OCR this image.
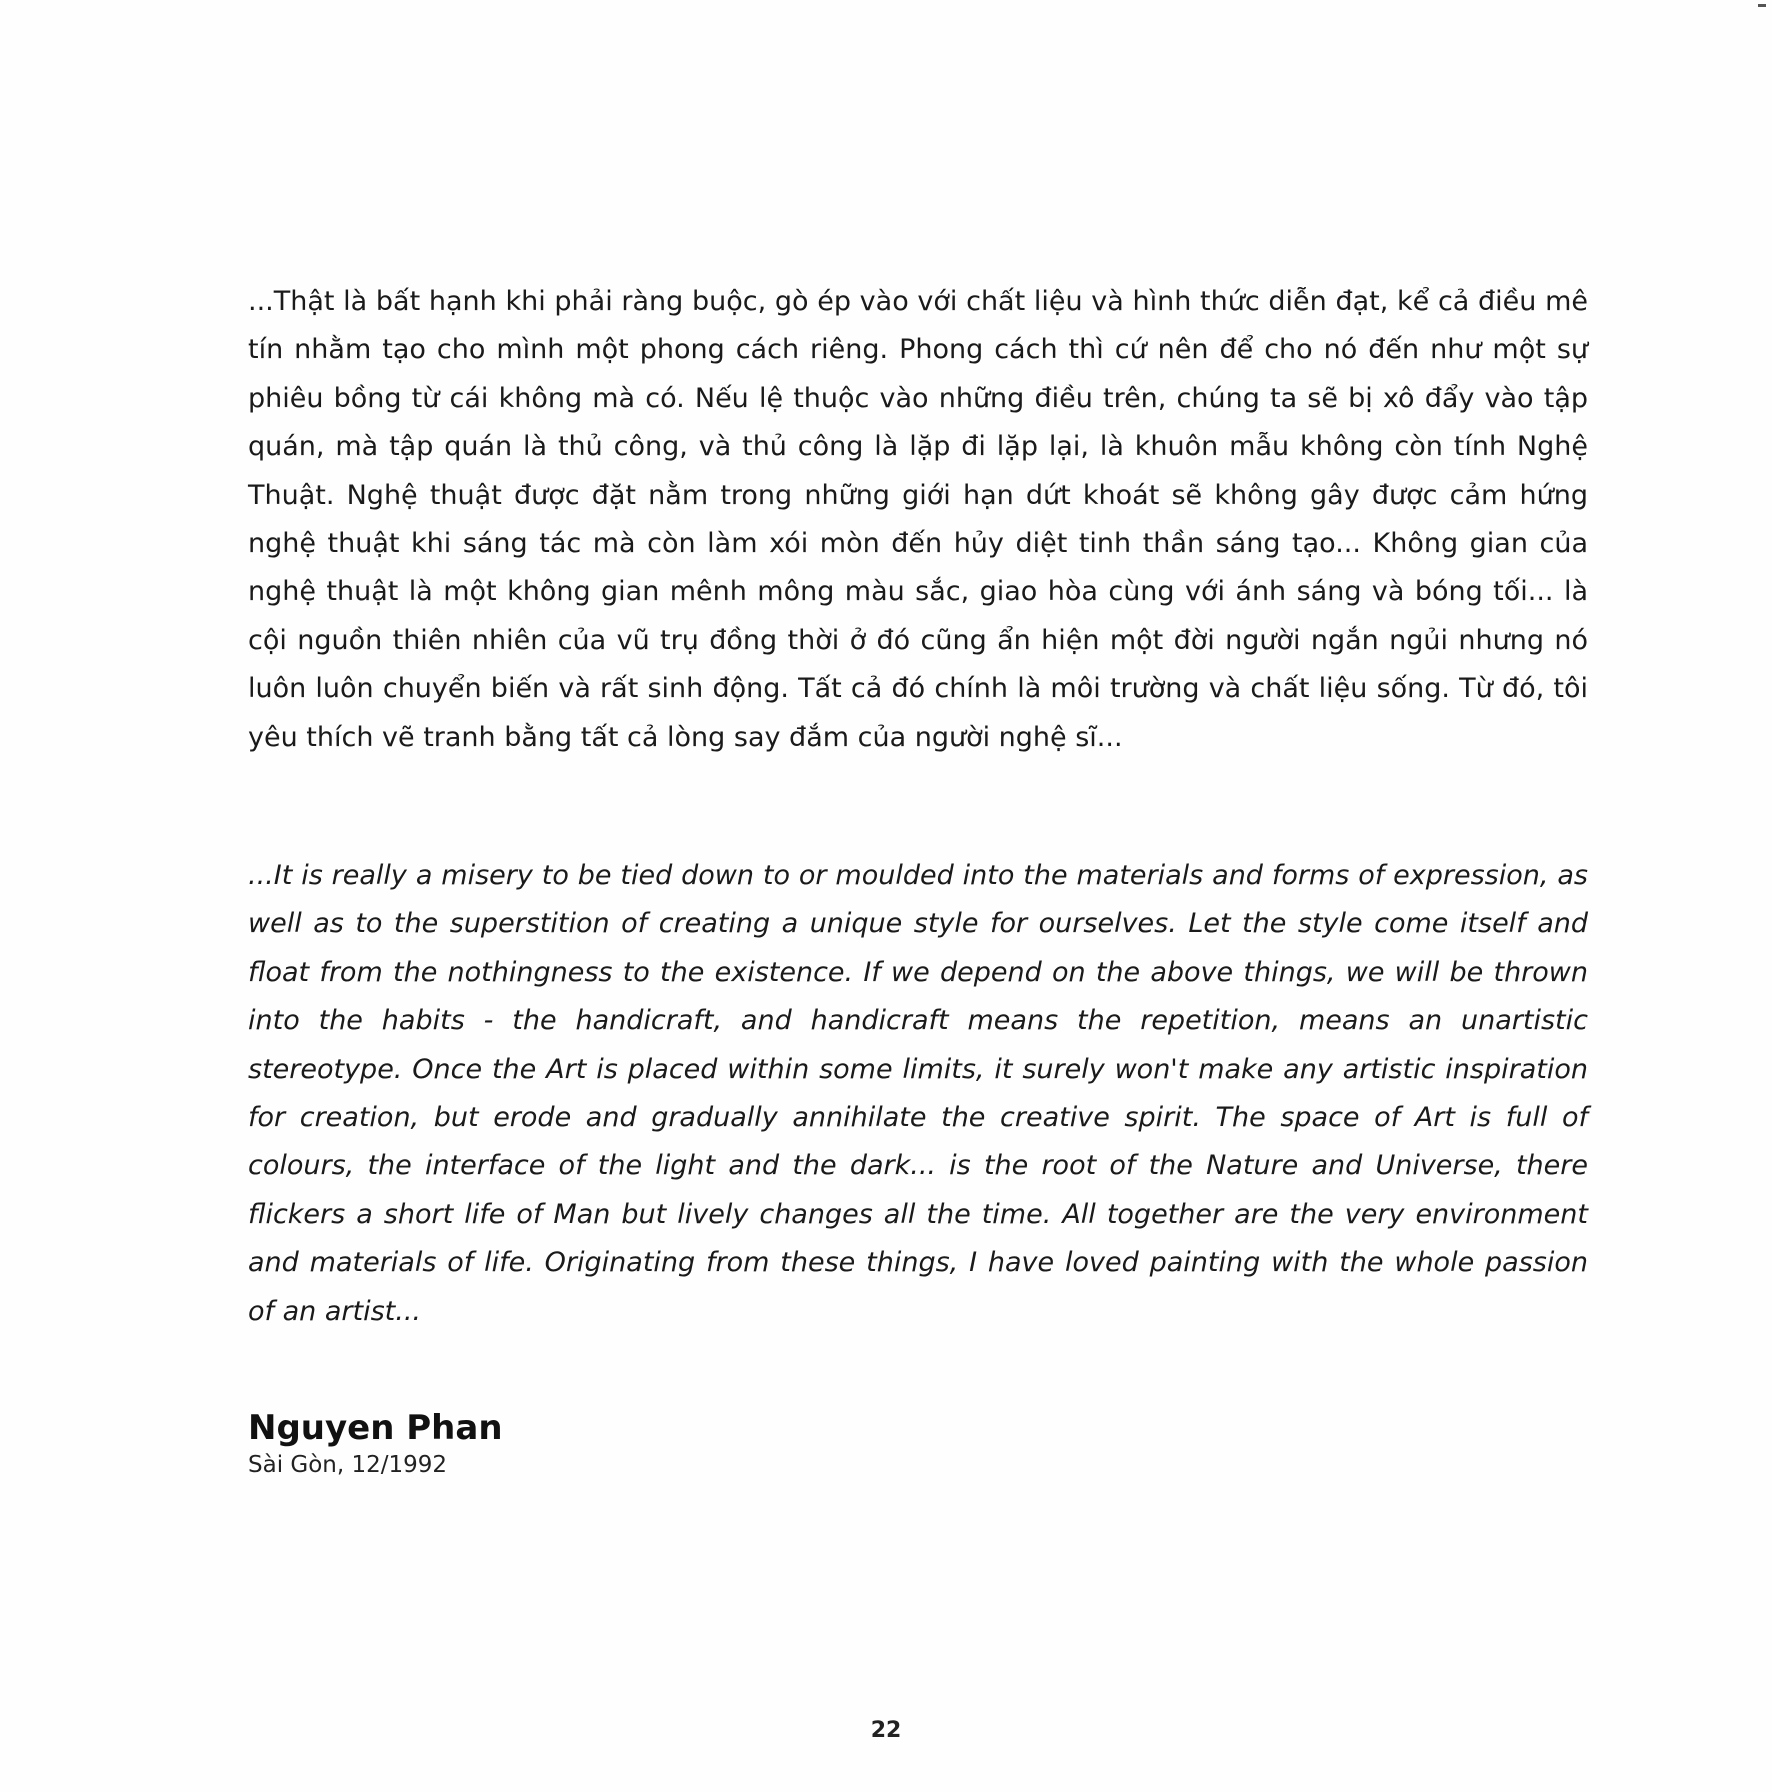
...Thật là bất hạnh khi phải ràng buộc, gò ép vào với chất liệu và hình thức diễn đạt, kể cả điều mê tín nhằm tạo cho mình một phong cách riêng. Phong cách thì cứ nên để cho nó đến như một sự phiêu bồng từ cái không mà có. Nếu lệ thuộc vào những điều trên, chúng ta sẽ bị xô đẩy vào tập quán, mà tập quán là thủ công, và thủ công là lặp đi lặp lại, là khuôn mẫu không còn tính Nghệ Thuật. Nghệ thuật được đặt nằm trong những giới hạn dứt khoát sẽ không gây được cảm hứng nghệ thuật khi sáng tác mà còn làm xói mòn đến hủy diệt tinh thần sáng tạo... Không gian của nghệ thuật là một không gian mênh mông màu sắc, giao hòa cùng với ánh sáng và bóng tối... là cội nguồn thiên nhiên của vũ trụ đồng thời ở đó cũng ẩn hiện một đời người ngắn ngủi nhưng nó luôn luôn chuyển biến và rất sinh động. Tất cả đó chính là môi trường và chất liệu sống. Từ đó, tôi yêu thích vẽ tranh bằng tất cả lòng say đắm của người nghệ sĩ...

...It is really a misery to be tied down to or moulded into the materials and forms of expression, as well as to the superstition of creating a unique style for ourselves. Let the style come itself and float from the nothingness to the existence. If we depend on the above things, we will be thrown into the habits - the handicraft, and handicraft means the repetition, means an unartistic stereotype. Once the Art is placed within some limits, it surely won't make any artistic inspiration for creation, but erode and gradually annihilate the creative spirit. The space of Art is full of colours, the interface of the light and the dark... is the root of the Nature and Universe, there flickers a short life of Man but lively changes all the time. All together are the very environment and materials of life. Originating from these things, I have loved painting with the whole passion of an artist...

Nguyen Phan
Sài Gòn, 12/1992
22
